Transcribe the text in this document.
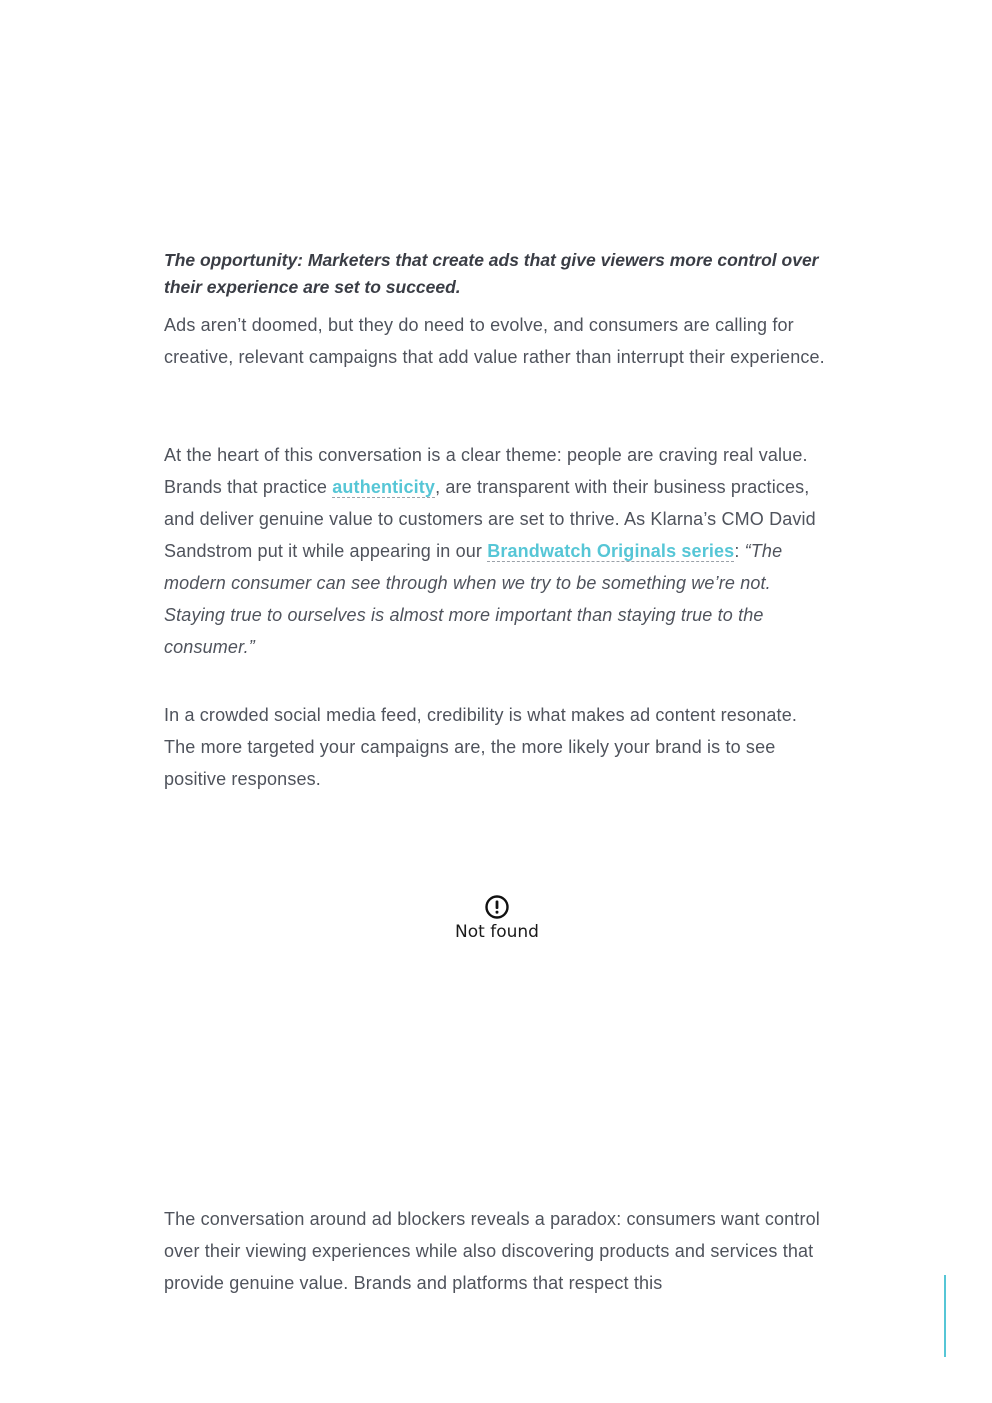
The opportunity: Marketers that create ads that give viewers more control over their experience are set to succeed.

Ads aren’t doomed, but they do need to evolve, and consumers are calling for creative, relevant campaigns that add value rather than interrupt their experience.

At the heart of this conversation is a clear theme: people are craving real value. Brands that practice authenticity, are transparent with their business practices, and deliver genuine value to customers are set to thrive. As Klarna’s CMO David Sandstrom put it while appearing in our Brandwatch Originals series: “The modern consumer can see through when we try to be something we’re not. Staying true to ourselves is almost more important than staying true to the consumer.”

In a crowded social media feed, credibility is what makes ad content resonate. The more targeted your campaigns are, the more likely your brand is to see positive responses.

Not found

The conversation around ad blockers reveals a paradox: consumers want control over their viewing experiences while also discovering products and services that provide genuine value. Brands and platforms that respect this
